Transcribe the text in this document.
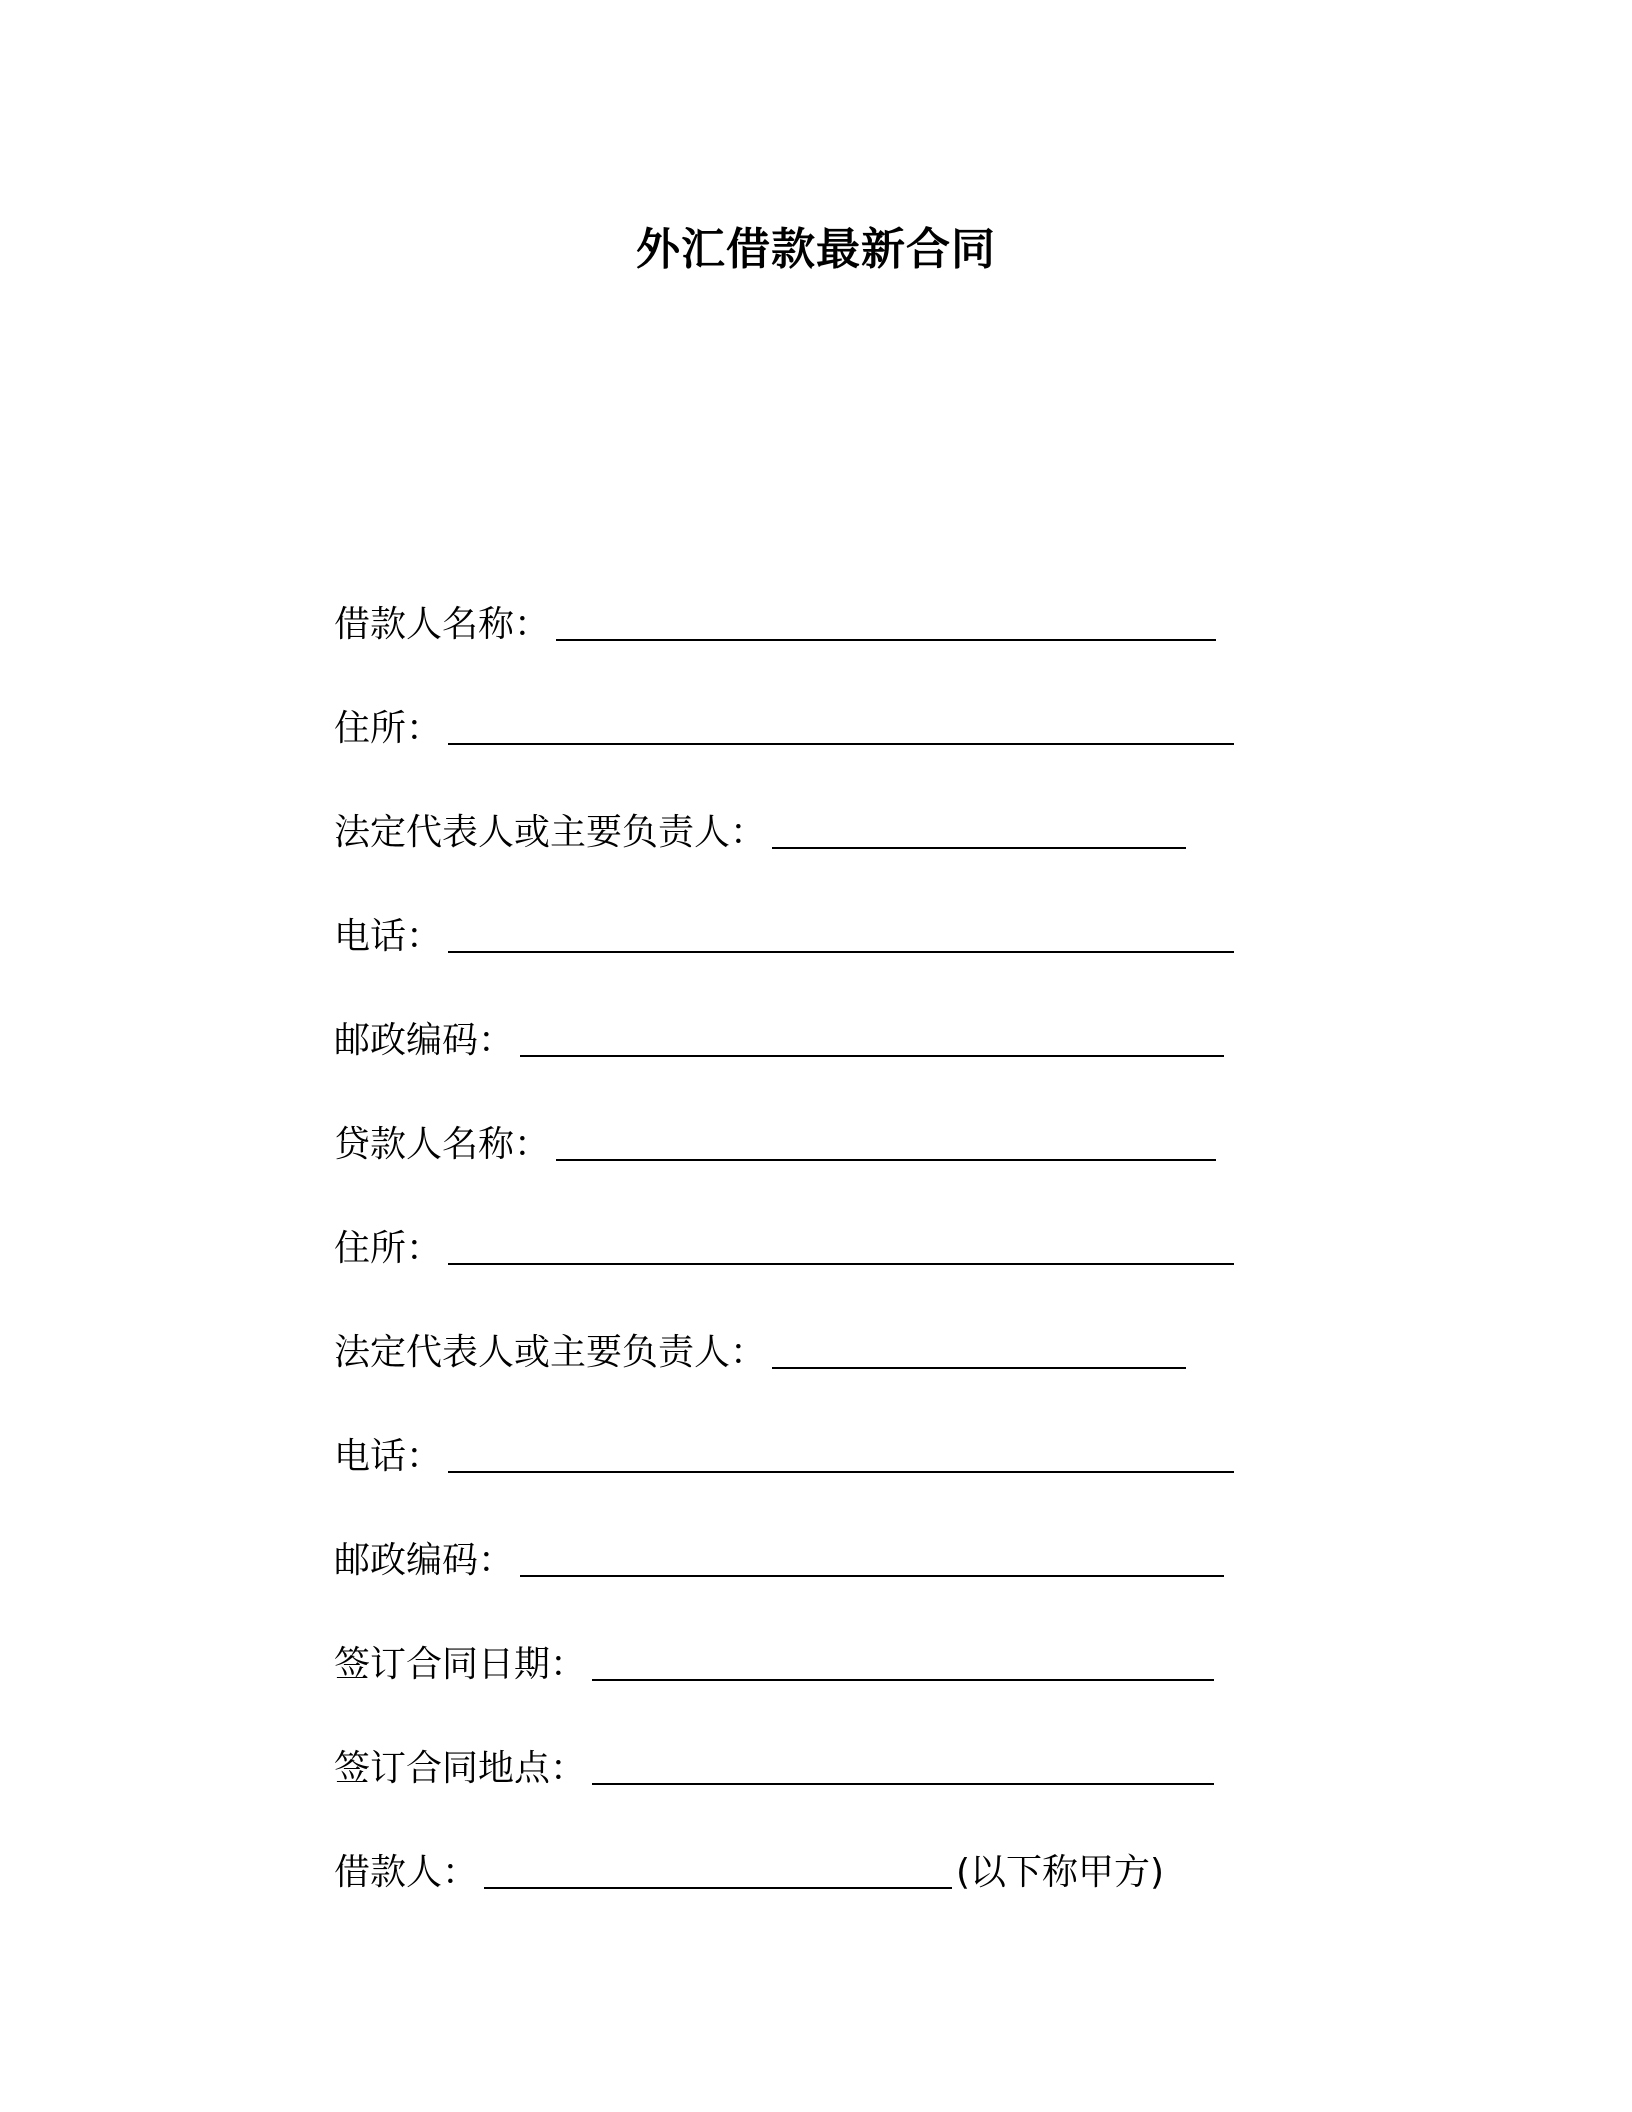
外汇借款最新合同
借款人名称：
住所：
法定代表人或主要负责人：
电话：
邮政编码：
贷款人名称：
住所：
法定代表人或主要负责人：
电话：
邮政编码：
签订合同日期：
签订合同地点：
借款人：	(以下称甲方)
